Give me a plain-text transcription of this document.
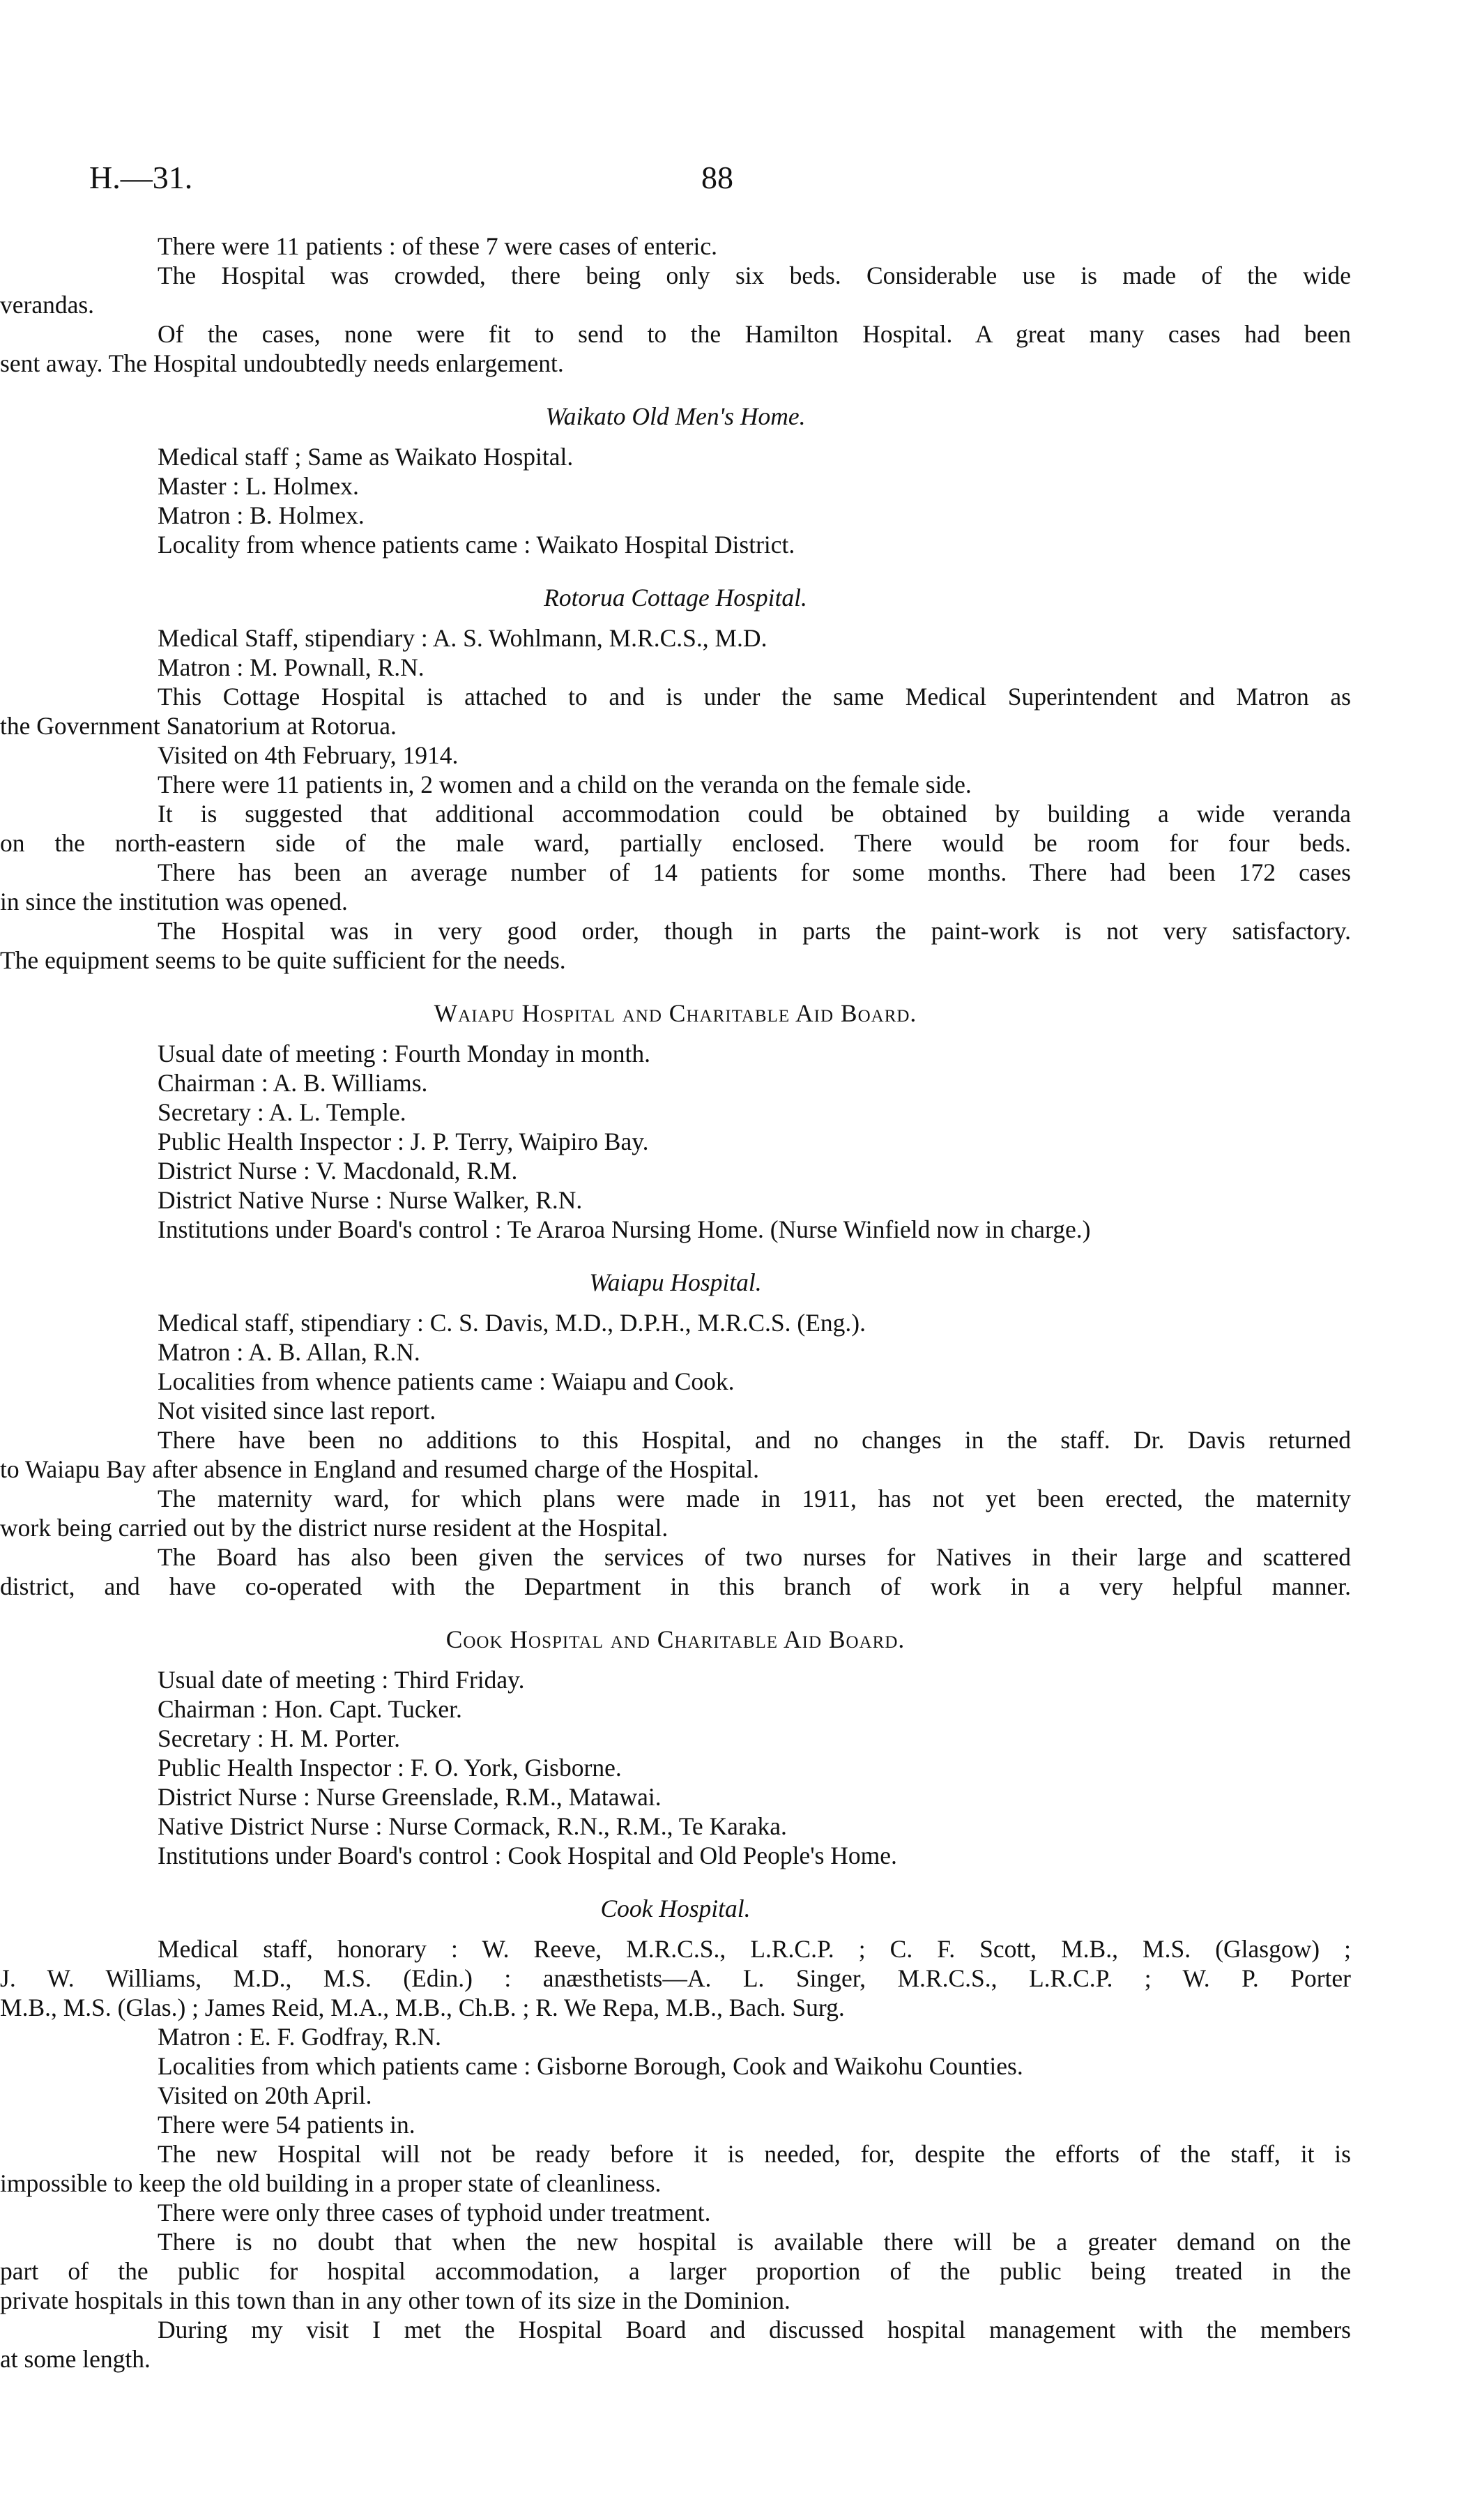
H.—31.	88
There were 11 patients : of these 7 were cases of enteric.
The Hospital was crowded, there being only six beds. Considerable use is made of the wide
verandas.
Of the cases, none were fit to send to the Hamilton Hospital. A great many cases had been
sent away. The Hospital undoubtedly needs enlargement.
Waikato Old Men's Home.
Medical staff ; Same as Waikato Hospital.
Master : L. Holmex.
Matron : B. Holmex.
Locality from whence patients came : Waikato Hospital District.
Rotorua Cottage Hospital.
Medical Staff, stipendiary : A. S. Wohlmann, M.R.C.S., M.D.
Matron : M. Pownall, R.N.
This Cottage Hospital is attached to and is under the same Medical Superintendent and Matron as
the Government Sanatorium at Rotorua.
Visited on 4th February, 1914.
There were 11 patients in, 2 women and a child on the veranda on the female side.
It is suggested that additional accommodation could be obtained by building a wide veranda
on the north-eastern side of the male ward, partially enclosed. There would be room for four beds.
There has been an average number of 14 patients for some months. There had been 172 cases
in since the institution was opened.
The Hospital was in very good order, though in parts the paint-work is not very satisfactory.
The equipment seems to be quite sufficient for the needs.
Waiapu Hospital and Charitable Aid Board.
Usual date of meeting : Fourth Monday in month.
Chairman : A. B. Williams.
Secretary : A. L. Temple.
Public Health Inspector : J. P. Terry, Waipiro Bay.
District Nurse : V. Macdonald, R.M.
District Native Nurse : Nurse Walker, R.N.
Institutions under Board's control : Te Araroa Nursing Home. (Nurse Winfield now in charge.)
Waiapu Hospital.
Medical staff, stipendiary : C. S. Davis, M.D., D.P.H., M.R.C.S. (Eng.).
Matron : A. B. Allan, R.N.
Localities from whence patients came : Waiapu and Cook.
Not visited since last report.
There have been no additions to this Hospital, and no changes in the staff. Dr. Davis returned
to Waiapu Bay after absence in England and resumed charge of the Hospital.
The maternity ward, for which plans were made in 1911, has not yet been erected, the maternity
work being carried out by the district nurse resident at the Hospital.
The Board has also been given the services of two nurses for Natives in their large and scattered
district, and have co-operated with the Department in this branch of work in a very helpful manner.
Cook Hospital and Charitable Aid Board.
Usual date of meeting : Third Friday.
Chairman : Hon. Capt. Tucker.
Secretary : H. M. Porter.
Public Health Inspector : F. O. York, Gisborne.
District Nurse : Nurse Greenslade, R.M., Matawai.
Native District Nurse : Nurse Cormack, R.N., R.M., Te Karaka.
Institutions under Board's control : Cook Hospital and Old People's Home.
Cook Hospital.
Medical staff, honorary : W. Reeve, M.R.C.S., L.R.C.P. ; C. F. Scott, M.B., M.S. (Glasgow) ;
J. W. Williams, M.D., M.S. (Edin.) : anæsthetists—A. L. Singer, M.R.C.S., L.R.C.P. ; W. P. Porter
M.B., M.S. (Glas.) ; James Reid, M.A., M.B., Ch.B. ; R. We Repa, M.B., Bach. Surg.
Matron : E. F. Godfray, R.N.
Localities from which patients came : Gisborne Borough, Cook and Waikohu Counties.
Visited on 20th April.
There were 54 patients in.
The new Hospital will not be ready before it is needed, for, despite the efforts of the staff, it is
impossible to keep the old building in a proper state of cleanliness.
There were only three cases of typhoid under treatment.
There is no doubt that when the new hospital is available there will be a greater demand on the
part of the public for hospital accommodation, a larger proportion of the public being treated in the
private hospitals in this town than in any other town of its size in the Dominion.
During my visit I met the Hospital Board and discussed hospital management with the members
at some length.
